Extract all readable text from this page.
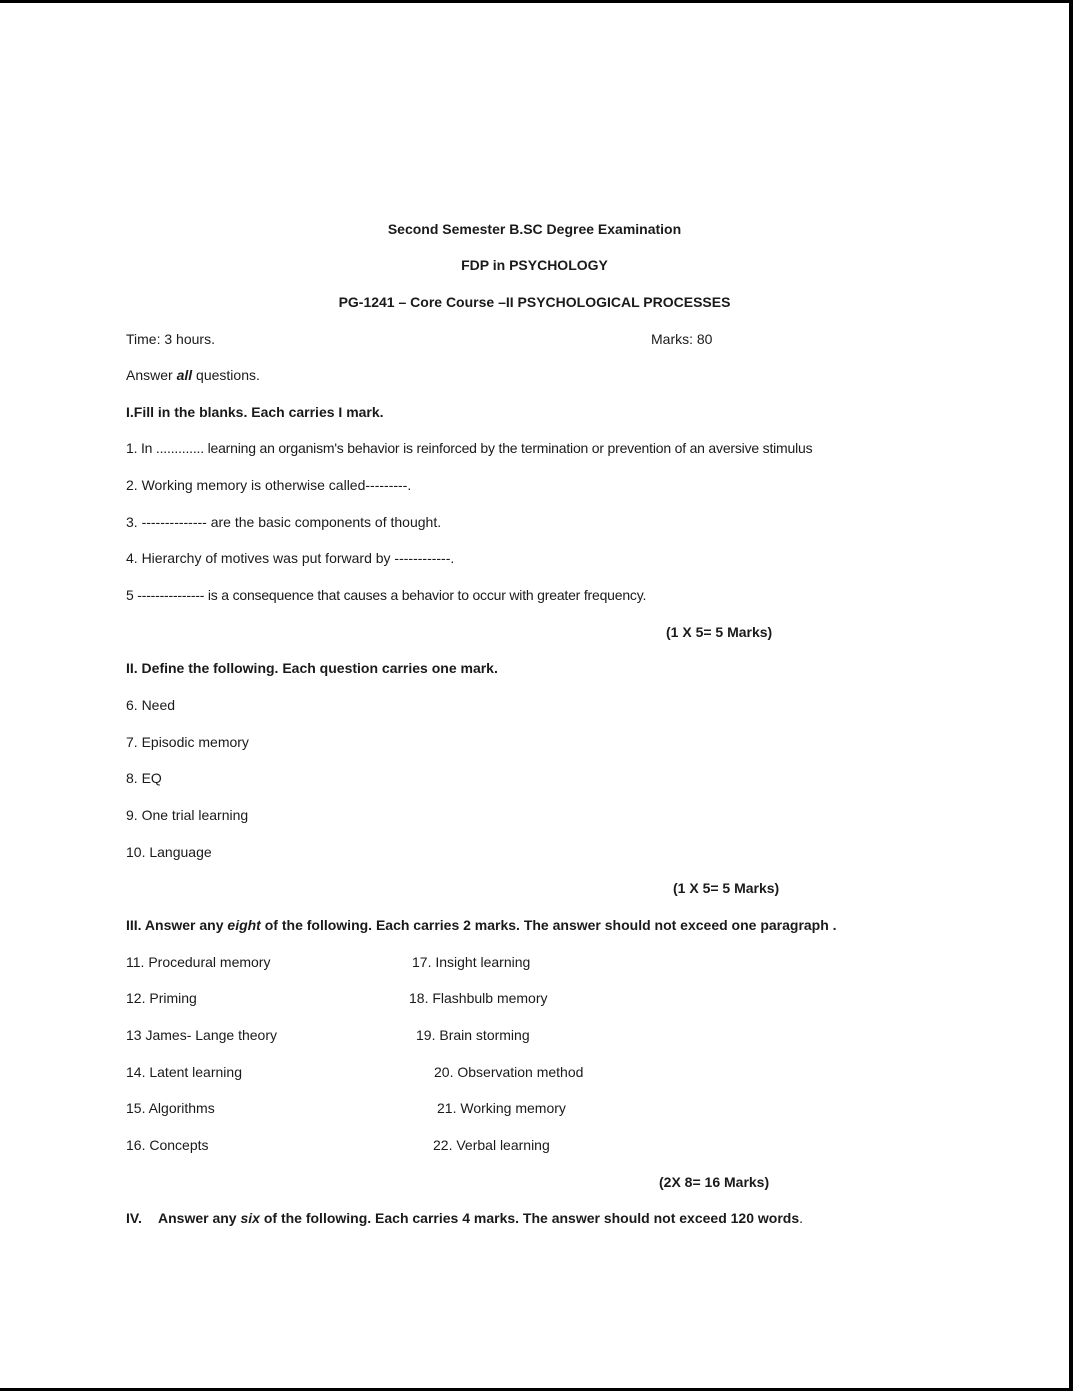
Second Semester B.SC Degree Examination
FDP in PSYCHOLOGY
PG-1241 – Core Course –II PSYCHOLOGICAL PROCESSES
Time: 3 hours.	Marks: 80
Answer all questions.
I.Fill in the blanks. Each carries I mark.
1. In ............. learning an organism's behavior is reinforced by the termination or prevention of an aversive stimulus
2. Working memory is otherwise called---------.
3. -------------- are the basic components of thought.
4. Hierarchy of motives was put forward by ------------.
5 --------------- is a consequence that causes a behavior to occur with greater frequency.
(1 X 5= 5 Marks)
II. Define the following. Each question carries one mark.
6. Need
7. Episodic memory
8. EQ
9. One trial learning
10. Language
(1 X 5= 5 Marks)
III. Answer any eight of the following. Each carries 2 marks. The answer should not exceed one paragraph .
11. Procedural memory
12. Priming
13 James- Lange theory
14. Latent learning
15. Algorithms
16. Concepts
17. Insight learning
18. Flashbulb memory
19. Brain storming
20. Observation method
21. Working memory
22. Verbal learning
(2X 8= 16 Marks)
IV. Answer any six of the following. Each carries 4 marks. The answer should not exceed 120 words.
